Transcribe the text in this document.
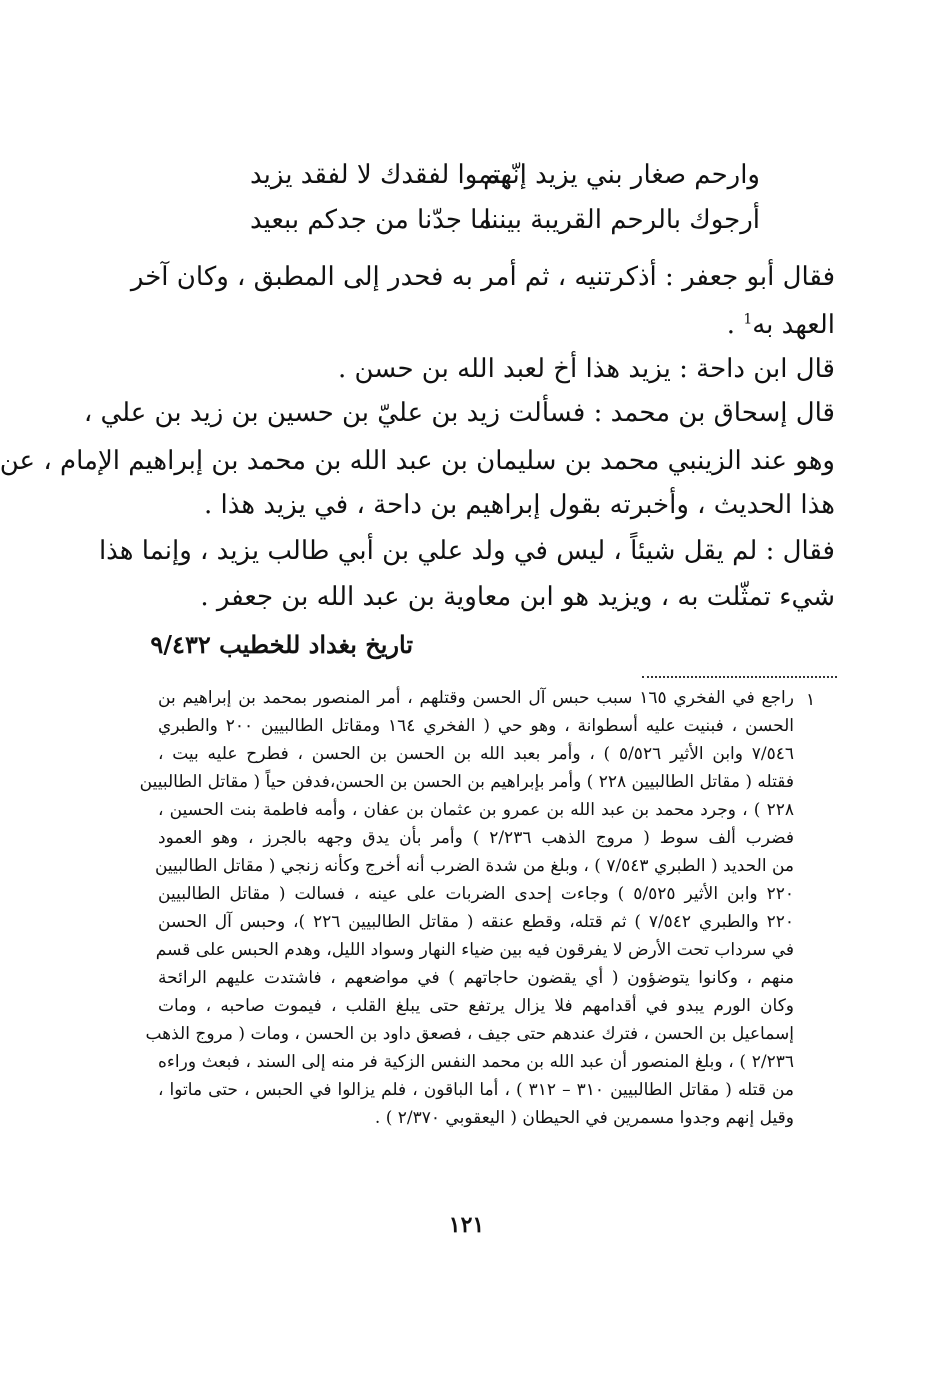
وارحم صغار بني يزيد إنّهم
يتموا لفقدك لا لفقد يزيد
أرجوك بالرحم القريبة بيننا
ما جدّنا من جدكم ببعيد
فقال أبو جعفر : أذكرتنيه ، ثم أمر به فحدر إلى المطبق ، وكان آخر
العهد به$^1$ .
قال ابن داحة : يزيد هذا أخ لعبد الله بن حسن .
قال إسحاق بن محمد : فسألت زيد بن عليّ بن حسين بن زيد بن علي ،
وهو عند الزينبي محمد بن سليمان بن عبد الله بن محمد بن إبراهيم الإمام ، عن
هذا الحديث ، وأخبرته بقول إبراهيم بن داحة ، في يزيد هذا .
فقال : لم يقل شيئاً ، ليس في ولد علي بن أبي طالب يزيد ، وإنما هذا
شيء تمثّلت به ، ويزيد هو ابن معاوية بن عبد الله بن جعفر .
تاريخ بغداد للخطيب ٩/٤٣٢
١
راجع في الفخري ١٦٥ سبب حبس آل الحسن وقتلهم ، أمر المنصور بمحمد بن إبراهيم بن
الحسن ، فبنيت عليه أسطوانة ، وهو حي ( الفخري ١٦٤ ومقاتل الطالبيين ٢٠٠ والطبري
٧/٥٤٦ وابن الأثير ٥/٥٢٦ ) ، وأمر بعبد الله بن الحسن بن الحسن ، فطرح عليه بيت ،
فقتله ( مقاتل الطالبيين ٢٢٨ ) وأمر بإبراهيم بن الحسن بن الحسن،فدفن حياً ( مقاتل الطالبيين
٢٢٨ ) ، وجرد محمد بن عبد الله بن عمرو بن عثمان بن عفان ، وأمه فاطمة بنت الحسين ،
فضرب ألف سوط ( مروج الذهب ٢/٢٣٦ ) وأمر بأن يدق وجهه بالجرز ، وهو العمود
من الحديد ( الطبري ٧/٥٤٣ ) ، وبلغ من شدة الضرب أنه أخرج وكأنه زنجي ( مقاتل الطالبيين
٢٢٠ وابن الأثير ٥/٥٢٥ ) وجاءت إحدى الضربات على عينه ، فسالت ( مقاتل الطالبيين
٢٢٠ والطبري ٧/٥٤٢ ) ثم قتله، وقطع عنقه ( مقاتل الطالبيين ٢٢٦ )، وحبس آل الحسن
في سرداب تحت الأرض لا يفرقون فيه بين ضياء النهار وسواد الليل، وهدم الحبس على قسم
منهم ، وكانوا يتوضؤون ( أي يقضون حاجاتهم ) في مواضعهم ، فاشتدت عليهم الرائحة
وكان الورم يبدو في أقدامهم فلا يزال يرتفع حتى يبلغ القلب ، فيموت صاحبه ، ومات
إسماعيل بن الحسن ، فترك عندهم حتى جيف ، فصعق داود بن الحسن ، ومات ( مروج الذهب
٢/٢٣٦ ) ، وبلغ المنصور أن عبد الله بن محمد النفس الزكية فر منه إلى السند ، فبعث وراءه
من قتله ( مقاتل الطالبيين ٣١٠ – ٣١٢ ) ، أما الباقون ، فلم يزالوا في الحبس ، حتى ماتوا ،
وقيل إنهم وجدوا مسمرين في الحيطان ( اليعقوبي ٢/٣٧٠ ) .
١٢١
